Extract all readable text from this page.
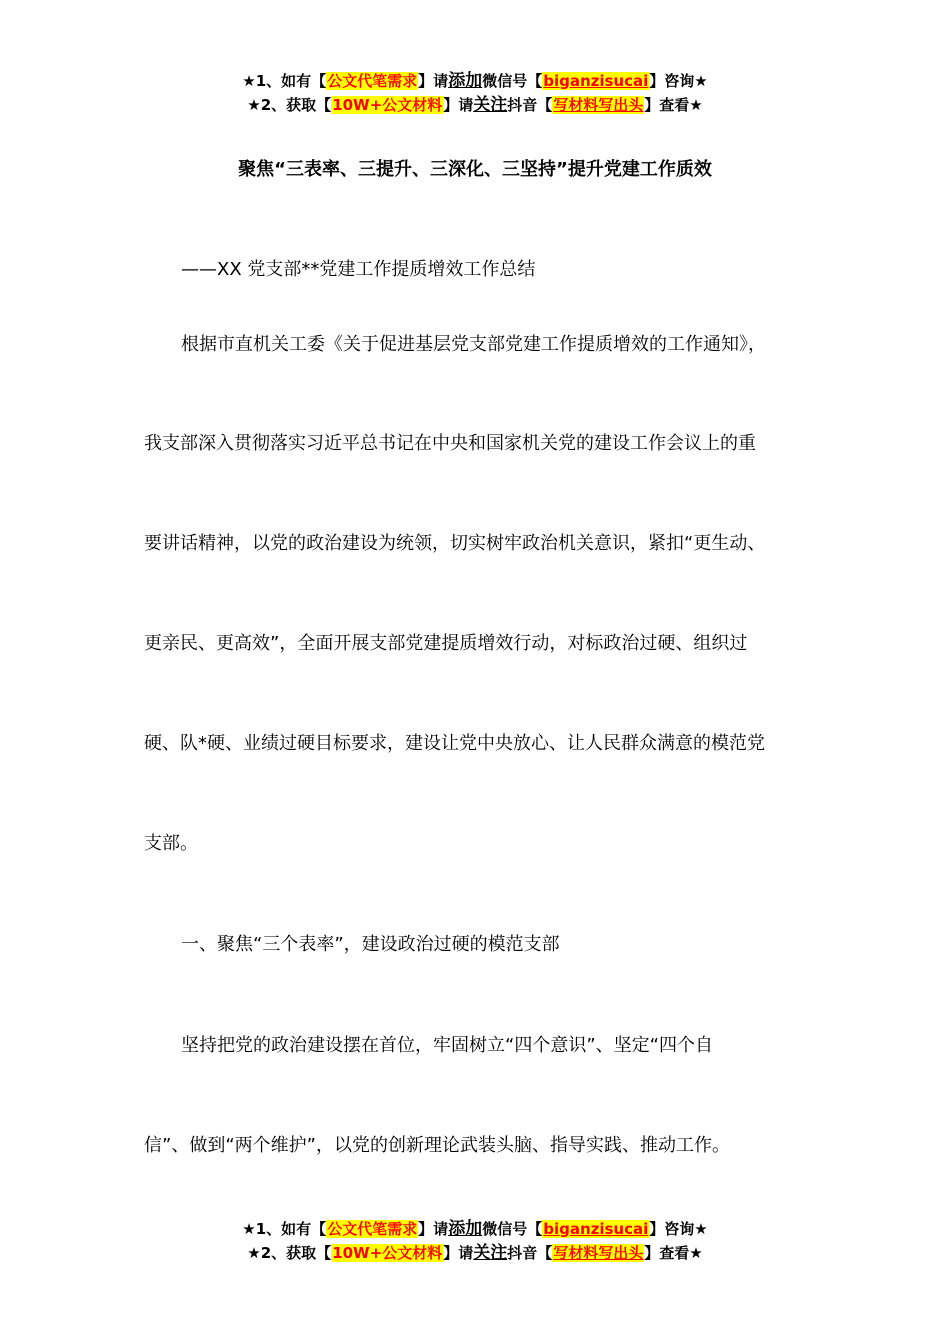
★1、如有【公文代笔需求】请添加微信号【biganzisucai】咨询★
★2、获取【10W+公文材料】请关注抖音【写材料写出头】查看★
聚焦“三表率、三提升、三深化、三坚持”提升党建工作质效
——XX 党支部**党建工作提质增效工作总结
根据市直机关工委《关于促进基层党支部党建工作提质增效的工作通知》，
我支部深入贯彻落实习近平总书记在中央和国家机关党的建设工作会议上的重
要讲话精神，以党的政治建设为统领，切实树牢政治机关意识，紧扣“更生动、
更亲民、更高效”，全面开展支部党建提质增效行动，对标政治过硬、组织过
硬、队*硬、业绩过硬目标要求，建设让党中央放心、让人民群众满意的模范党
支部。
一、聚焦“三个表率”，建设政治过硬的模范支部
坚持把党的政治建设摆在首位，牢固树立“四个意识”、坚定“四个自
信”、做到“两个维护”，以党的创新理论武装头脑、指导实践、推动工作。
★1、如有【公文代笔需求】请添加微信号【biganzisucai】咨询★
★2、获取【10W+公文材料】请关注抖音【写材料写出头】查看★
